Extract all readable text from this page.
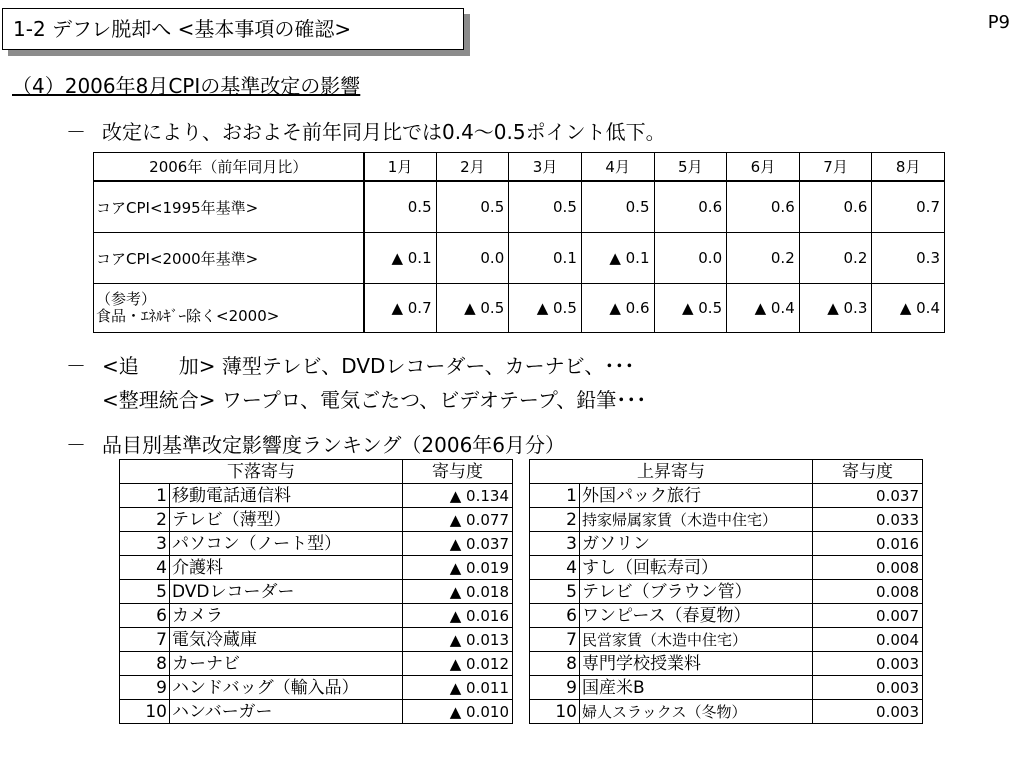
1-2 デフレ脱却へ <基本事項の確認>	P9
（4）2006年8月CPIの基準改定の影響
－ 改定により、おおよそ前年同月比では0.4～0.5ポイント低下。
2006年（前年同月比）	1月	2月	3月	4月	5月	6月	7月	8月
コアCPI<1995年基準>	0.5	0.5	0.5	0.5	0.6	0.6	0.6	0.7
コアCPI<2000年基準>	▲ 0.1	0.0	0.1	▲ 0.1	0.0	0.2	0.2	0.3

（参考）
食品・ｴﾈﾙｷﾞｰ除く<2000>	▲ 0.7	▲ 0.5	▲ 0.5	▲ 0.6	▲ 0.5	▲ 0.4	▲ 0.3	▲ 0.4
－ <追　　加> 薄型テレビ、DVDレコーダー、カーナビ、･･･
<整理統合> ワープロ、電気ごたつ、ビデオテープ、鉛筆･･･
－ 品目別基準改定影響度ランキング（2006年6月分）
下落寄与		寄与度
1	移動電話通信料	▲ 0.134
2	テレビ（薄型）	▲ 0.077
3	パソコン（ノート型）	▲ 0.037
4	介護料	▲ 0.019
5	DVDレコーダー	▲ 0.018
6	カメラ	▲ 0.016
7	電気冷蔵庫	▲ 0.013
8	カーナビ	▲ 0.012
9	ハンドバッグ（輸入品）	▲ 0.011
10	ハンバーガー	▲ 0.010
上昇寄与		寄与度
1	外国パック旅行	0.037
2	持家帰属家賃（木造中住宅）	0.033
3	ガソリン	0.016
4	すし（回転寿司）	0.008
5	テレビ（ブラウン管）	0.008
6	ワンピース（春夏物）	0.007
7	民営家賃（木造中住宅）	0.004
8	専門学校授業料	0.003
9	国産米B	0.003
10	婦人スラックス（冬物）	0.003
